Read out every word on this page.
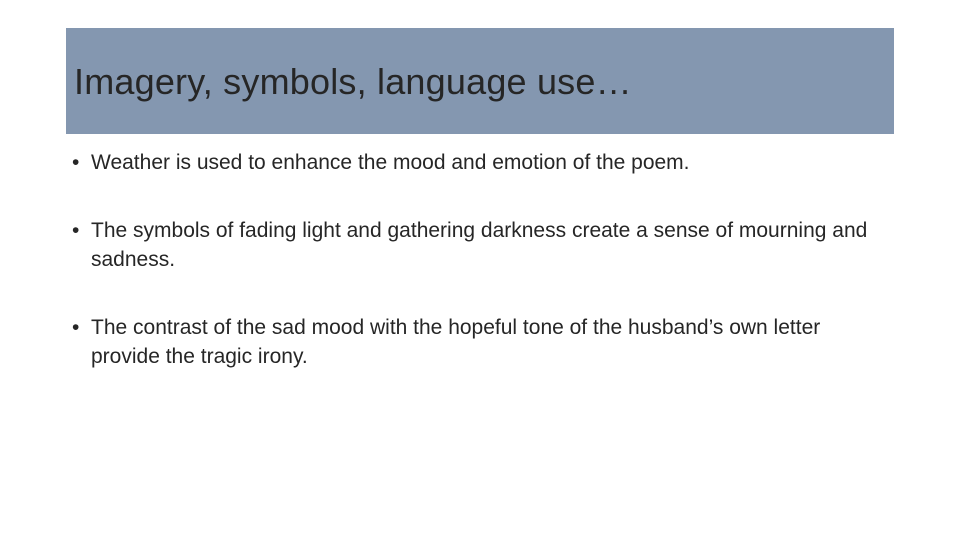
Imagery, symbols, language use…
• Weather is used to enhance the mood and emotion of the poem.
• The symbols of fading light and gathering darkness create a sense of mourning and sadness.
• The contrast of the sad mood with the hopeful tone of the husband’s own letter provide the tragic irony.
